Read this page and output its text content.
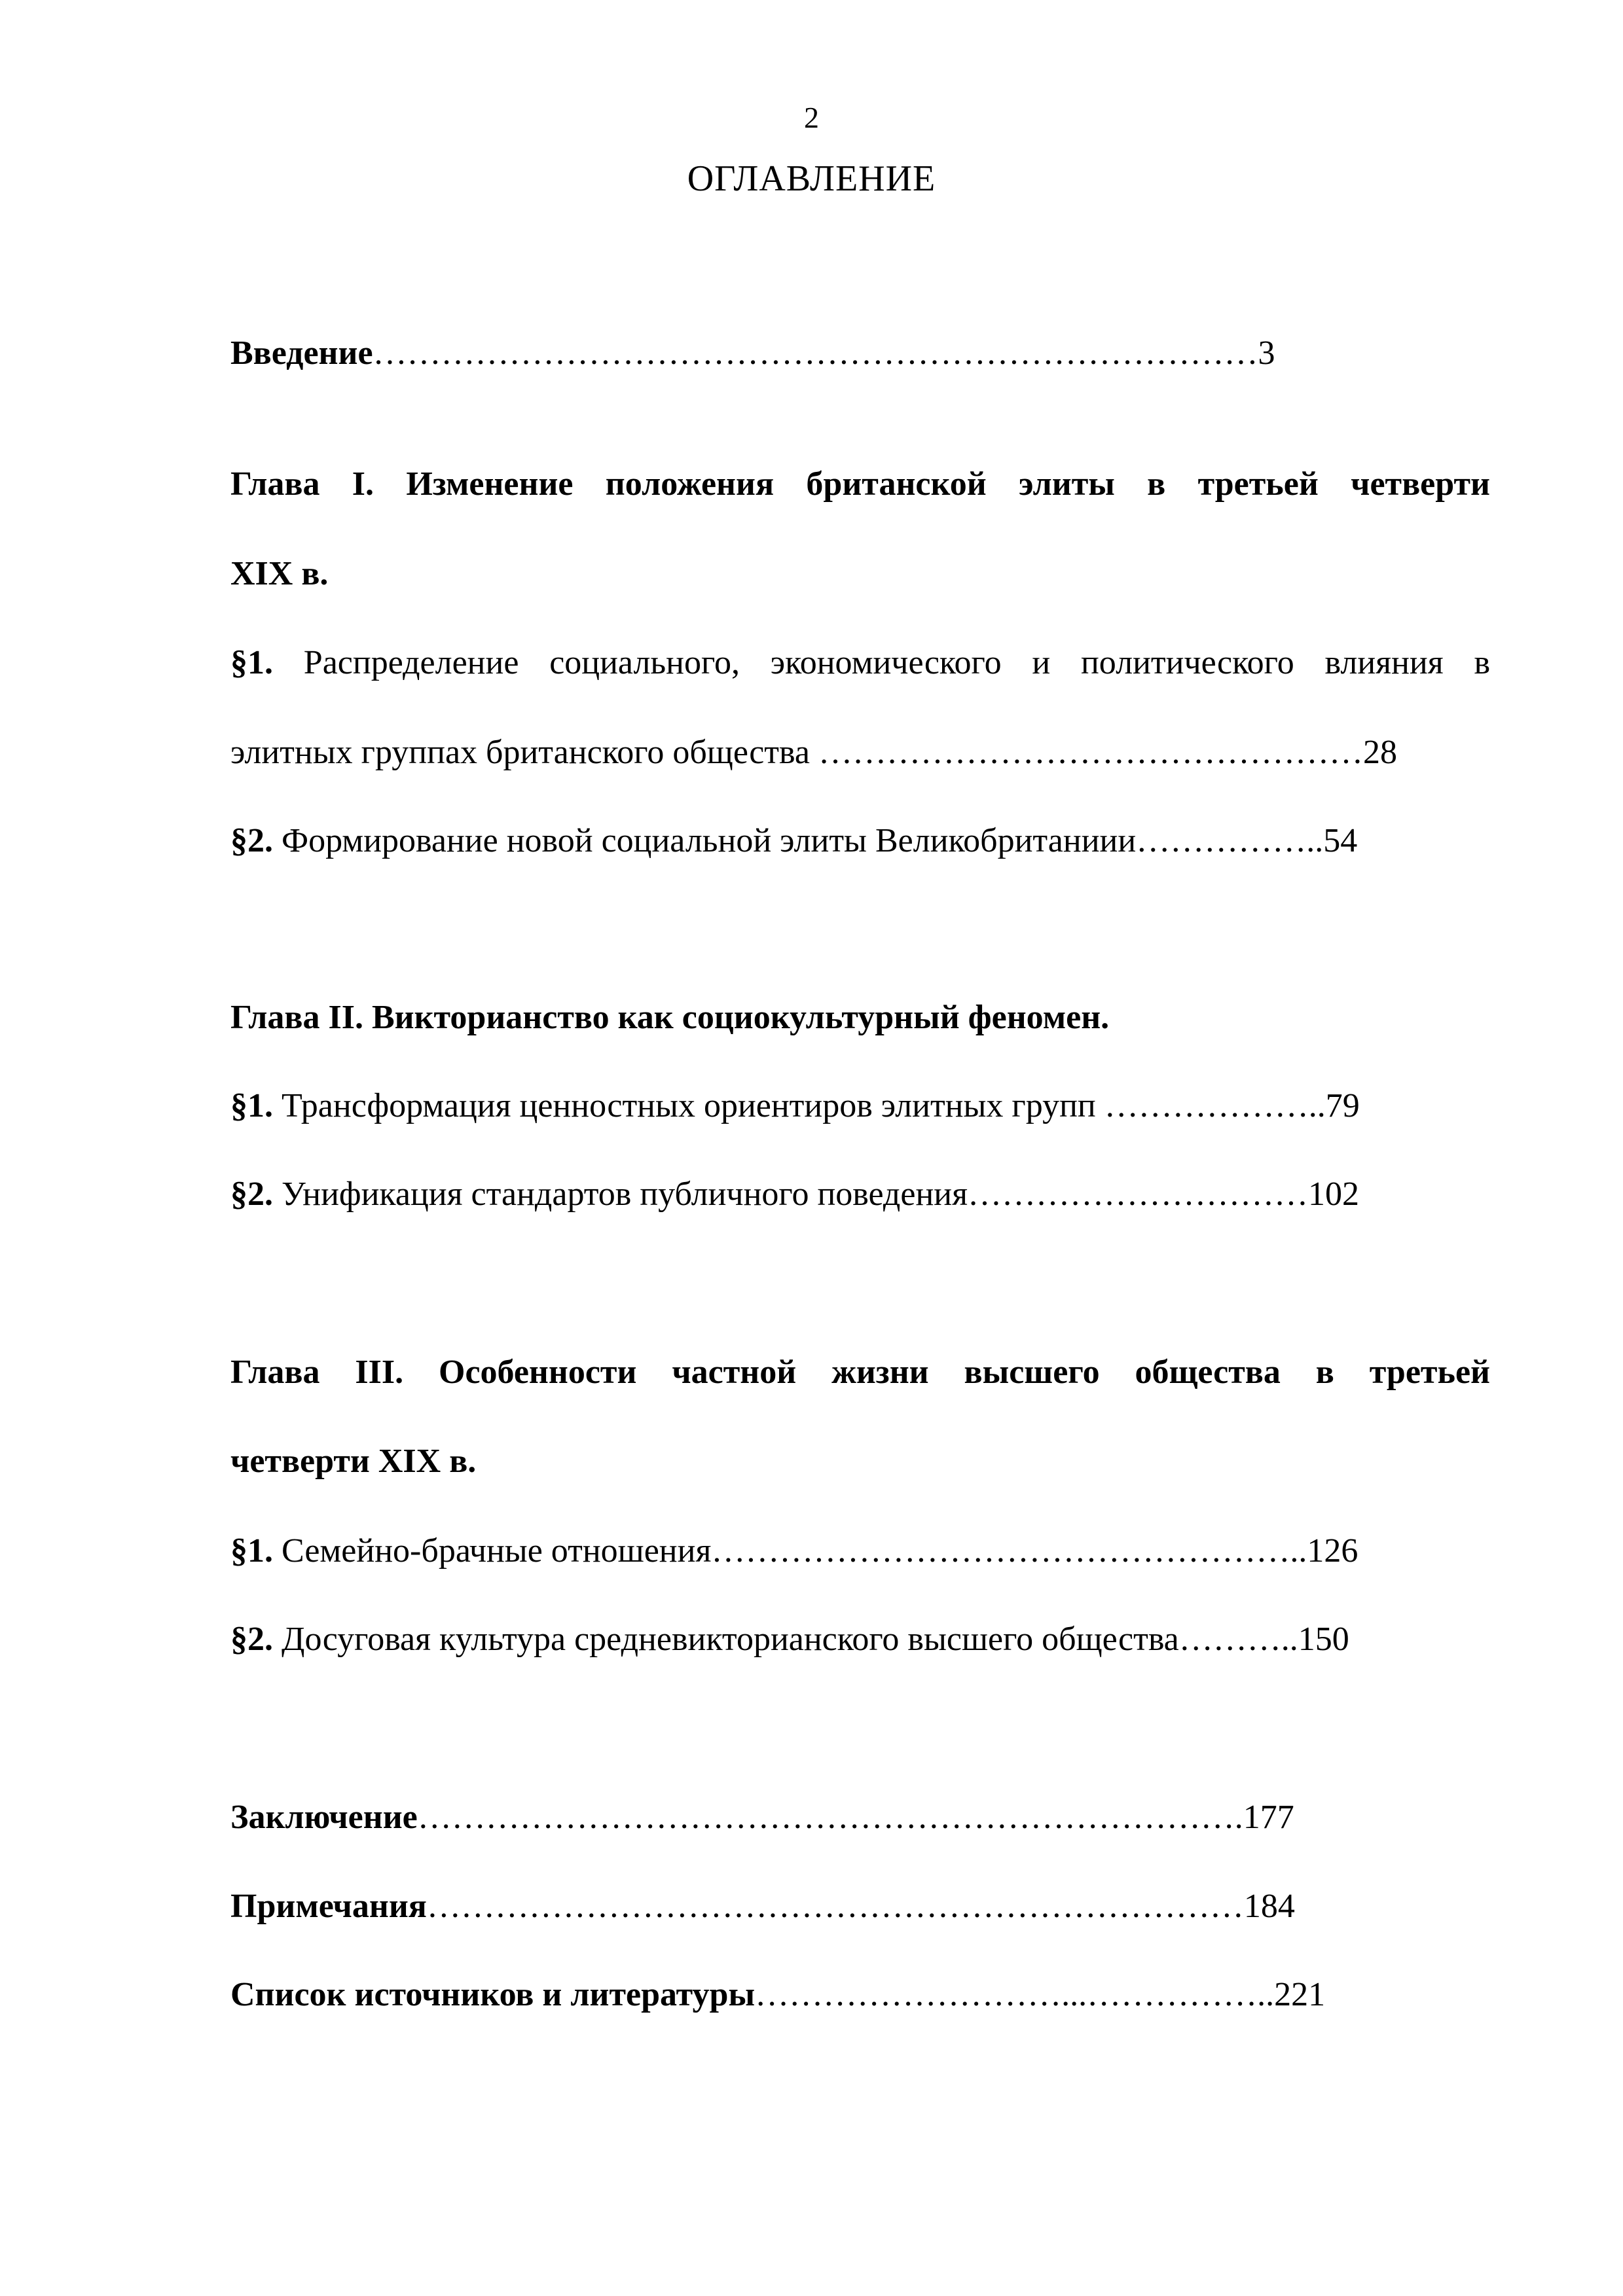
2
ОГЛАВЛЕНИЕ
Введение……………………………………………………………………3
Глава I. Изменение положения британской элиты в третьей четверти
XIX в.
§1. Распределение социального, экономического и политического влияния в
элитных группах британского общества …………………………………………28
§2. Формирование новой социальной элиты Великобританиии……………..54
Глава II. Викторианство как социокультурный феномен.
§1. Трансформация ценностных ориентиров элитных групп ………………..79
§2. Унификация стандартов публичного поведения…………………………102
Глава III. Особенности частной жизни высшего общества в третьей
четверти XIX в.
§1. Семейно-брачные отношения……………………………………………..126
§2. Досуговая культура средневикторианского высшего общества………..150
Заключение……………………………………………………………….177
Примечания………………………………………………………………184
Список источников и литературы………………………...……………..221
